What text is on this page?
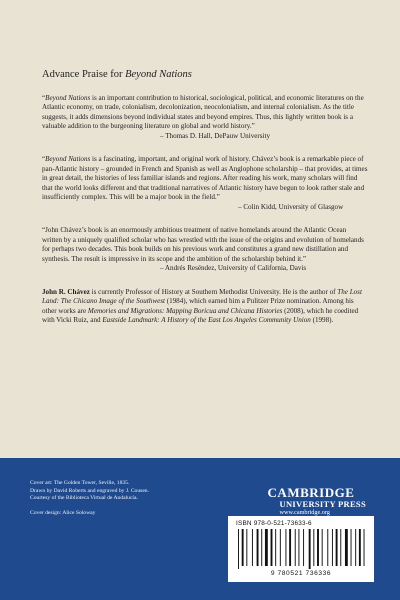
Advance Praise for Beyond Nations

“Beyond Nations is an important contribution to historical, sociological, political, and economic literatures on the Atlantic economy, on trade, colonialism, decolonization, neocolonialism, and internal colonialism. As the title suggests, it adds dimensions beyond individual states and beyond empires. Thus, this lightly written book is a valuable addition to the burgeoning literature on global and world history.”

– Thomas D. Hall, DePauw University

“Beyond Nations is a fascinating, important, and original work of history. Chávez’s book is a remarkable piece of pan-Atlantic history – grounded in French and Spanish as well as Anglophone scholarship – that provides, at times in great detail, the histories of less familiar islands and regions. After reading his work, many scholars will find that the world looks different and that traditional narratives of Atlantic history have begun to look rather stale and insufficiently complex. This will be a major book in the field.”

– Colin Kidd, University of Glasgow

“John Chávez’s book is an enormously ambitious treatment of native homelands around the Atlantic Ocean written by a uniquely qualified scholar who has wrestled with the issue of the origins and evolution of homelands for perhaps two decades. This book builds on his previous work and constitutes a grand new distillation and synthesis. The result is impressive in its scope and the ambition of the scholarship behind it.”

– Andrés Reséndez, University of California, Davis

John R. Chávez is currently Professor of History at Southern Methodist University. He is the author of The Lost Land: The Chicano Image of the Southwest (1984), which earned him a Pulitzer Prize nomination. Among his other works are Memories and Migrations: Mapping Boricua and Chicana Histories (2008), which he coedited with Vicki Ruiz, and Eastside Landmark: A History of the East Los Angeles Community Union (1998).

Cover art: The Golden Tower, Seville, 1835.
Drawn by David Roberts and engraved by J. Cousen.
Courtesy of the Biblioteca Virtual de Andalucía.
Cover design: Alice Soloway
CAMBRIDGE
UNIVERSITY PRESS
www.cambridge.org
ISBN 978-0-521-73633-6
9 780521 736336
